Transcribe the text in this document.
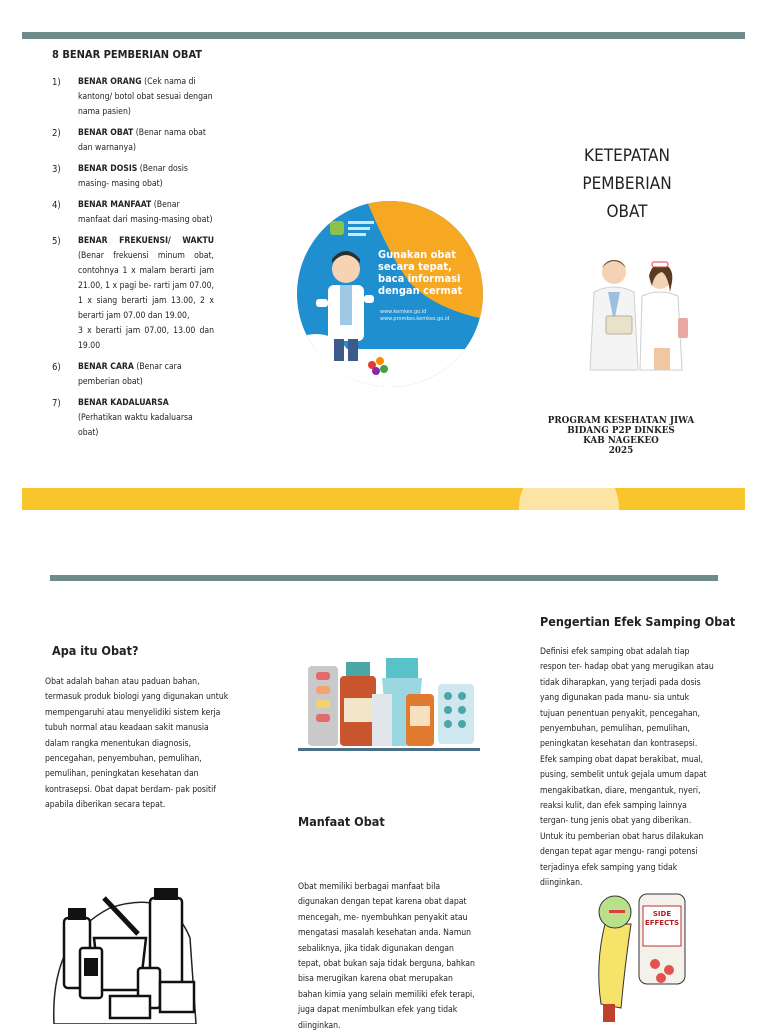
8 BENAR PEMBERIAN OBAT
1) BENAR ORANG (Cek nama di kantong/ botol obat sesuai dengan nama pasien)
2) BENAR OBAT (Benar nama obat dan warnanya)
3) BENAR DOSIS (Benar dosis masing- masing obat)
4) BENAR MANFAAT (Benar manfaat dari masing-masing obat)
5) BENAR FREKUENSI/ WAKTU (Benar frekuensi minum obat, contohnya 1 x malam berarti jam 21.00, 1 x pagi be- rarti jam 07.00, 1 x siang berarti jam 13.00, 2 x berarti jam 07.00 dan 19.00,
3 x berarti jam 07.00, 13.00 dan 19.00
6) BENAR CARA (Benar cara pemberian obat)
7) BENAR KADALUARSA
(Perhatikan waktu kadaluarsa obat)
Gunakan obat
secara tepat,
baca informasi
dengan cermat
www.kemkes.go.id
www.promkes.kemkes.go.id
KETEPATAN
PEMBERIAN
OBAT
PROGRAM KESEHATAN JIWA
BIDANG P2P DINKES
KAB NAGEKEO
2025
Apa itu Obat?
Obat adalah bahan atau paduan bahan, termasuk produk biologi yang digunakan untuk mempengaruhi atau menyelidiki sistem kerja tubuh normal atau keadaan sakit manusia dalam rangka menentukan diagnosis, pencegahan, penyembuhan, pemulihan, pemulihan, peningkatan kesehatan dan kontrasepsi. Obat dapat berdam- pak positif apabila diberikan secara tepat.
Manfaat Obat
Obat memiliki berbagai manfaat bila digunakan dengan tepat karena obat dapat mencegah, me- nyembuhkan penyakit atau mengatasi masalah kesehatan anda. Namun sebaliknya, jika tidak digunakan dengan tepat, obat bukan saja tidak berguna, bahkan bisa merugikan karena obat merupakan bahan kimia yang selain memiliki efek terapi, juga dapat menimbulkan efek yang tidak diinginkan.
Pengertian Efek Samping Obat
Definisi efek samping obat adalah tiap respon ter- hadap obat yang merugikan atau tidak diharapkan, yang terjadi pada dosis yang digunakan pada manu- sia untuk tujuan penentuan penyakit, pencegahan, penyembuhan, pemulihan, pemulihan, peningkatan kesehatan dan kontrasepsi. Efek samping obat dapat berakibat, mual, pusing, sembelit untuk gejala umum dapat mengakibatkan, diare, mengantuk, nyeri, reaksi kulit, dan efek samping lainnya tergan- tung jenis obat yang diberikan. Untuk itu pemberian obat harus dilakukan dengan tepat agar mengu- rangi potensi terjadinya efek samping yang tidak diinginkan.
SIDE
EFFECTS
